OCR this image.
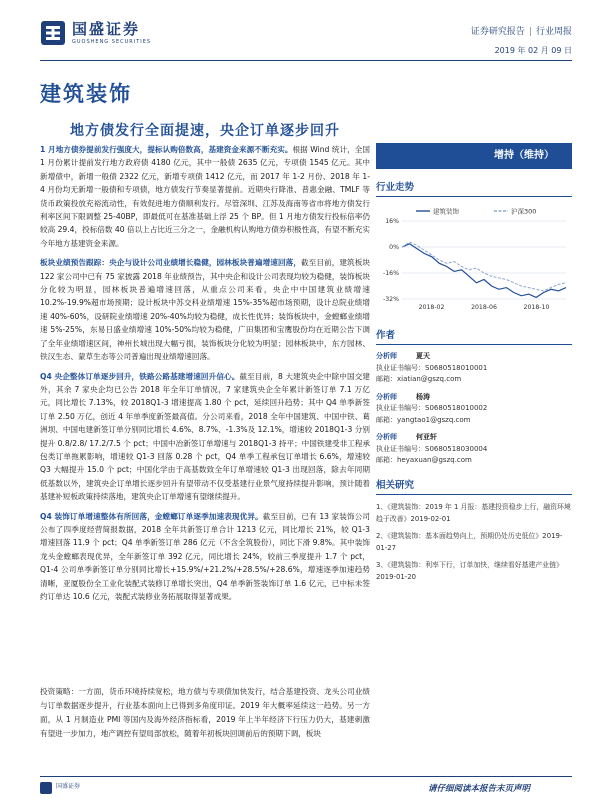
国盛证券
GUOSHENG SECURITIES
证券研究报告 | 行业周报
2019 年 02 月 09 日
建筑装饰
地方债发行全面提速，央企订单逐步回升

1 月地方债券提前发行强度大，提标认购倍数高，基建资金来源不断充实。根据 Wind 统计，全国 1 月份累计提前发行地方政府债 4180 亿元，其中一般债 2635 亿元，专项债 1545 亿元。其中新增债中，新增一般债 2322 亿元，新增专项债 1412 亿元，而 2017 年 1-2 月份、2018 年 1-4 月份均无新增一般债和专项债，地方债发行节奏显著提前。近期央行降准、普惠金融、TMLF 等货币政策投放充裕流动性，有效促进地方债顺利发行。尽管深圳、江苏及海南等省市将地方债发行利率区间下限调整 25-40BP，即最低可在基准基础上浮 25 个 BP。但 1 月地方债发行投标倍率仍较高 29.4，投标倍数 40 倍以上占比近三分之一，金融机构认购地方债券积极性高，有望不断充实今年地方基建资金来源。

板块业绩预告跟踪：央企与设计公司业绩增长稳健，园林板块普遍增速回落，截至目前，建筑板块 122 家公司中已有 75 家披露 2018 年业绩预告，其中央企和设计公司表现均较为稳健，装饰板块分化较为明显，园林板块普遍增速回落，从重点公司来看，央企中中国建筑业绩增速 10.2%-19.9%超市场预期；设计板块中苏交科业绩增速 15%-35%超市场预期，设计总院业绩增速 40%-60%，设研院业绩增速 20%-40%均较为稳健，成长性优异；装饰板块中，金螳螂业绩增速 5%-25%，东易日盛业绩增速 10%-50%均较为稳健，广田集团和宝鹰股份均在近期公告下调了全年业绩增速区间，神州长城出现大幅亏损，装饰板块分化较为明显；园林板块中，东方园林、铁汉生态、蒙草生态等公司普遍出现业绩增速回落。

Q4 央企整体订单逐步回升，铁路公路基建增速回升信心。截至目前，8 大建筑央企中除中国交建外，其余 7 家央企均已公告 2018 年全年订单情况，7 家建筑央企全年累计新签订单 7.1 万亿元，同比增长 7.13%，较 2018Q1-3 增速提高 1.80 个 pct，延续回升趋势；其中 Q4 单季新签订单 2.50 万亿，创近 4 年单季度新签最高值。分公司来看，2018 全年中国建筑、中国中铁、葛洲坝、中国电建新签订单分别同比增长 4.6%、8.7%、-1.3%及 12.1%，增速较 2018Q1-3 分别提升 0.8/2.8/ 17.2/7.5 个 pct；中国中冶新签订单增速与 2018Q1-3 持平；中国铁建受非工程承包类订单拖累影响，增速较 Q1-3 回落 0.28 个 pct，Q4 单季工程承包订单增长 6.6%，增速较 Q3 大幅提升 15.0 个 pct；中国化学由于高基数致全年订单增速较 Q1-3 出现回落，除去年同期低基数以外，建筑央企订单增长逐步回升有望带动不仅受基建行业景气度持续提升影响，预计随着基建补短板政策持续落地，建筑央企订单增速有望继续提升。

Q4 装饰订单增速整体有所回落，金螳螂订单逐季加速表现优异。截至目前，已有 13 家装饰公司公布了四季度经营简报数据，2018 全年共新签订单合计 1213 亿元，同比增长 21%，较 Q1-3 增速回落 11.9 个 pct；Q4 单季新签订单 286 亿元（不含全筑股份），同比下滑 9.8%。其中装饰龙头金螳螂表现优异，全年新签订单 392 亿元，同比增长 24%，较前三季度提升 1.7 个 pct，Q1-4 公司单季新签订单分别同比增长+15.9%/+21.2%/+28.5%/+28.6%，增速逐季加速趋势清晰，亚厦股份全工业化装配式装修订单增长突出，Q4 单季新签装饰订单 1.6 亿元，已中标未签约订单达 10.6 亿元，装配式装修业务拓展取得显著成果。

投资策略：一方面，货币环境持续宽松，地方债与专项债加快发行，结合基建投资、龙头公司业绩与订单数据逐步提升，行业基本面向上已得到多角度印证。2019 年大概率延续这一趋势。另一方面，从 1 月制造业 PMI 等国内及海外经济指标看，2019 年上半年经济下行压力仍大，基建刺激有望进一步加力，地产调控有望局部放松，随着年初板块回调前后的预期下调，板块
增持（维持）
行业走势
16%
0%
-16%
-32%
2018-02	2018-06	2018-10
建筑装饰	沪深300
作者
分析师	夏天
执业证书编号：S0680518010001
邮箱：xiatian@gszq.com
分析师	杨涛
执业证书编号：S0680518010002
邮箱：yangtao1@gszq.com
分析师	何亚轩
执业证书编号：S0680518030004
邮箱：heyaxuan@gszq.com
相关研究
1、《建筑装饰：2019 年 1 月报：基建投资稳步上行，融资环境趋于改善》2019-02-01
2、《建筑装饰：基本面趋势向上，预期仍处历史低位》2019-01-27
3、《建筑装饰：利率下行，订单加快，继续看好基建产业链》2019-01-20
国盛证券	请仔细阅读本报告末页声明
